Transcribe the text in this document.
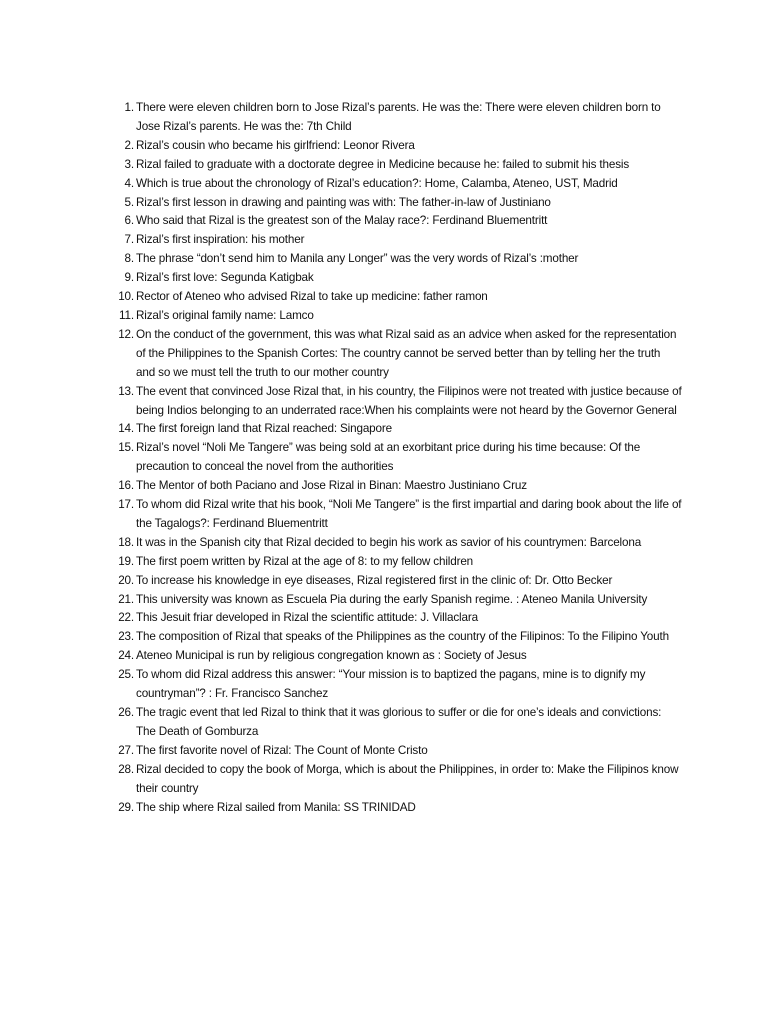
1 . There were eleven children born to Jose Rizal’s parents. He was the: There were eleven children born to Jose Rizal’s parents. He was the: 7th Child
2 . Rizal’s cousin who became his girlfriend: Leonor Rivera
3 . Rizal failed to graduate with a doctorate degree in Medicine because he: failed to submit his thesis
4 . Which is true about the chronology of Rizal’s education?: Home, Calamba, Ateneo, UST, Madrid
5 . Rizal’s first lesson in drawing and painting was with: The father-in-law of Justiniano
6 . Who said that Rizal is the greatest son of the Malay race?: Ferdinand Bluementritt
7 . Rizal’s first inspiration: his mother
8 . The phrase “don’t send him to Manila any Longer” was the very words of Rizal’s :mother
9 . Rizal’s first love: Segunda Katigbak
10 . Rector of Ateneo who advised Rizal to take up medicine: father ramon
11 . Rizal’s original family name: Lamco
12 . On the conduct of the government, this was what Rizal said as an advice when asked for the representation of the Philippines to the Spanish Cortes: The country cannot be served better than by telling her the truth and so we must tell the truth to our mother country
13 . The event that convinced Jose Rizal that, in his country, the Filipinos were not treated with justice because of being Indios belonging to an underrated race:When his complaints were not heard by the Governor General
14 . The first foreign land that Rizal reached: Singapore
15 . Rizal’s novel “Noli Me Tangere” was being sold at an exorbitant price during his time because: Of the precaution to conceal the novel from the authorities
16 . The Mentor of both Paciano and Jose Rizal in Binan: Maestro Justiniano Cruz
17 . To whom did Rizal write that his book, “Noli Me Tangere” is the first impartial and daring book about the life of the Tagalogs?: Ferdinand Bluementritt
18 . It was in the Spanish city that Rizal decided to begin his work as savior of his countrymen: Barcelona
19 . The first poem written by Rizal at the age of 8: to my fellow children
20 . To increase his knowledge in eye diseases, Rizal registered first in the clinic of: Dr. Otto Becker
21 . This university was known as Escuela Pia during the early Spanish regime. : Ateneo Manila University
22 . This Jesuit friar developed in Rizal the scientific attitude: J. Villaclara
23 . The composition of Rizal that speaks of the Philippines as the country of the Filipinos: To the Filipino Youth
24 . Ateneo Municipal is run by religious congregation known as : Society of Jesus
25 . To whom did Rizal address this answer: “Your mission is to baptized the pagans, mine is to dignify my countryman”? : Fr. Francisco Sanchez
26 . The tragic event that led Rizal to think that it was glorious to suffer or die for one’s ideals and convictions: The Death of Gomburza
27 . The first favorite novel of Rizal: The Count of Monte Cristo
28 . Rizal decided to copy the book of Morga, which is about the Philippines, in order to: Make the Filipinos know their country
29 . The ship where Rizal sailed from Manila: SS TRINIDAD
